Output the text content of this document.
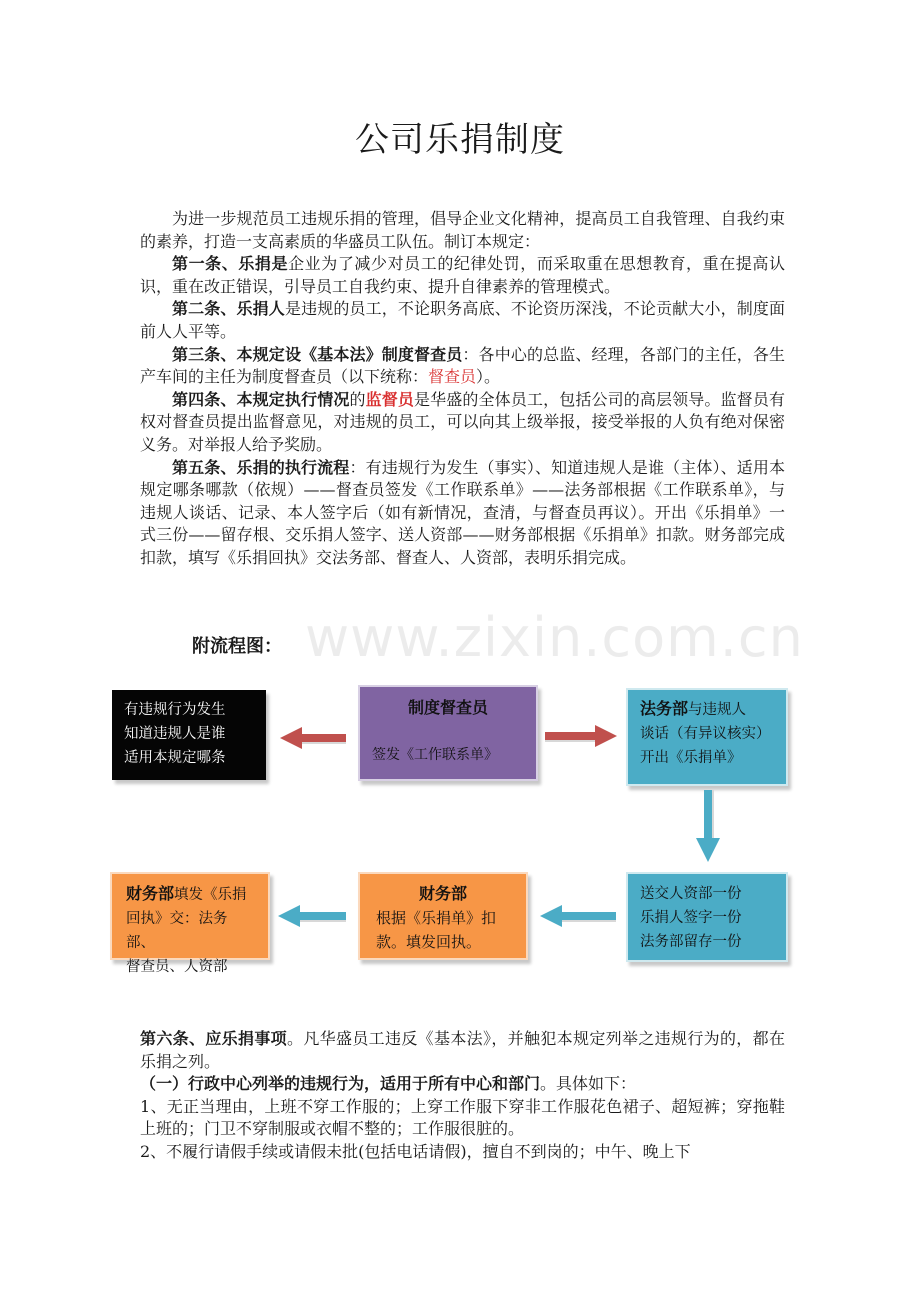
公司乐捐制度

为进一步规范员工违规乐捐的管理，倡导企业文化精神，提高员工自我管理、自我约束的素养，打造一支高素质的华盛员工队伍。制订本规定：

第一条、乐捐是企业为了减少对员工的纪律处罚，而采取重在思想教育，重在提高认识，重在改正错误，引导员工自我约束、提升自律素养的管理模式。

第二条、乐捐人是违规的员工，不论职务高底、不论资历深浅，不论贡献大小，制度面前人人平等。

第三条、本规定设《基本法》制度督查员：各中心的总监、经理，各部门的主任，各生产车间的主任为制度督查员（以下统称：督查员）。

第四条、本规定执行情况的监督员是华盛的全体员工，包括公司的高层领导。监督员有权对督查员提出监督意见，对违规的员工，可以向其上级举报，接受举报的人负有绝对保密义务。对举报人给予奖励。

第五条、乐捐的执行流程：有违规行为发生（事实）、知道违规人是谁（主体）、适用本规定哪条哪款（依规）——督查员签发《工作联系单》——法务部根据《工作联系单》，与违规人谈话、记录、本人签字后（如有新情况，查清，与督查员再议）。开出《乐捐单》一式三份——留存根、交乐捐人签字、送人资部——财务部根据《乐捐单》扣款。财务部完成扣款，填写《乐捐回执》交法务部、督查人、人资部，表明乐捐完成。

www.zixin.com.cn
附流程图：
有违规行为发生
知道违规人是谁
适用本规定哪条
制度督查员
签发《工作联系单》
法务部与违规人
谈话（有异议核实）
开出《乐捐单》
送交人资部一份
乐捐人签字一份
法务部留存一份
财务部
根据《乐捐单》扣
款。填发回执。
财务部填发《乐捐
回执》交：法务部、
督查员、人资部

第六条、应乐捐事项。凡华盛员工违反《基本法》，并触犯本规定列举之违规行为的，都在乐捐之列。

（一）行政中心列举的违规行为，适用于所有中心和部门。具体如下：

1、无正当理由，上班不穿工作服的；上穿工作服下穿非工作服花色裙子、超短裤；穿拖鞋上班的；门卫不穿制服或衣帽不整的；工作服很脏的。

2、不履行请假手续或请假未批(包括电话请假)，擅自不到岗的；中午、晚上下
